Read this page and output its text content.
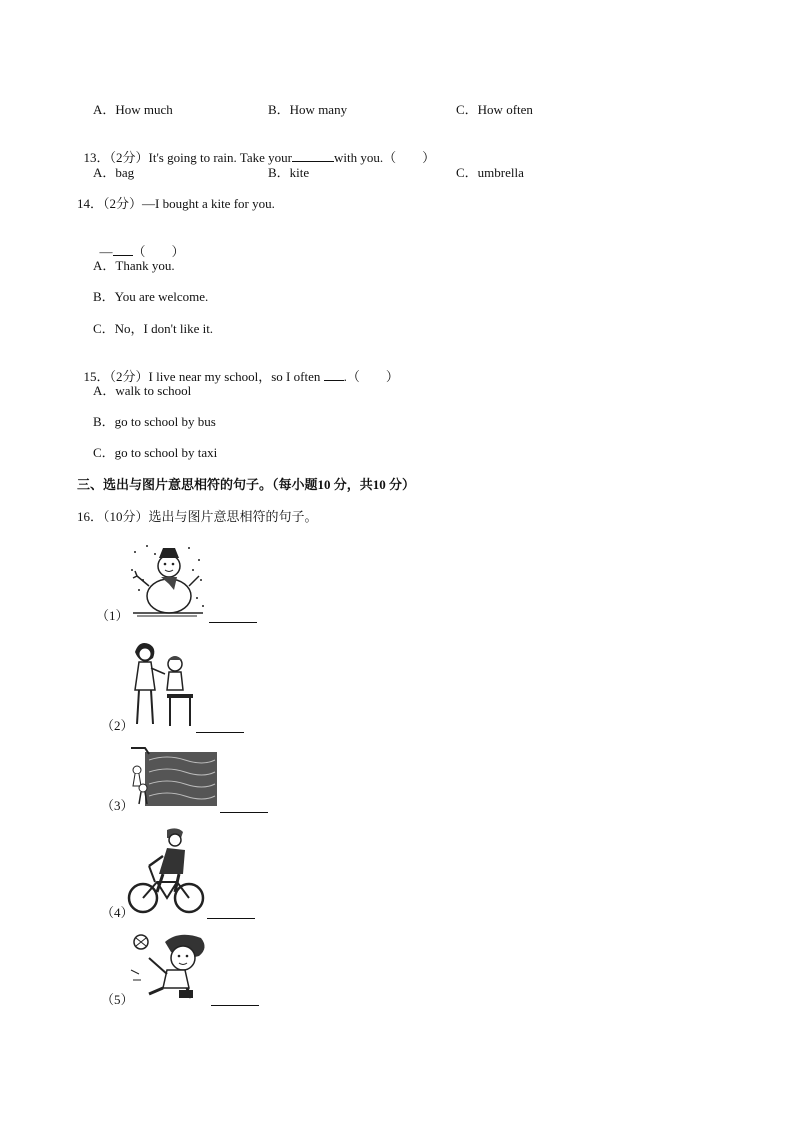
A．How much	B．How many	C．How often

13．（2分）It's going to rain. Take your	with you.（　　）

A．bag	B．kite	C．umbrella
14．（2分）—I bought a kite for you.

— （　　）

A．Thank you.
B．You are welcome.
C．No，I don't like it.

15．（2分）I live near my school，so I often .（　　）

A．walk to school
B．go to school by bus
C．go to school by taxi
三、选出与图片意思相符的句子。（每小题10 分，共10 分）
16．（10分）选出与图片意思相符的句子。
（1）
（2）
（3）
（4）
（5）
